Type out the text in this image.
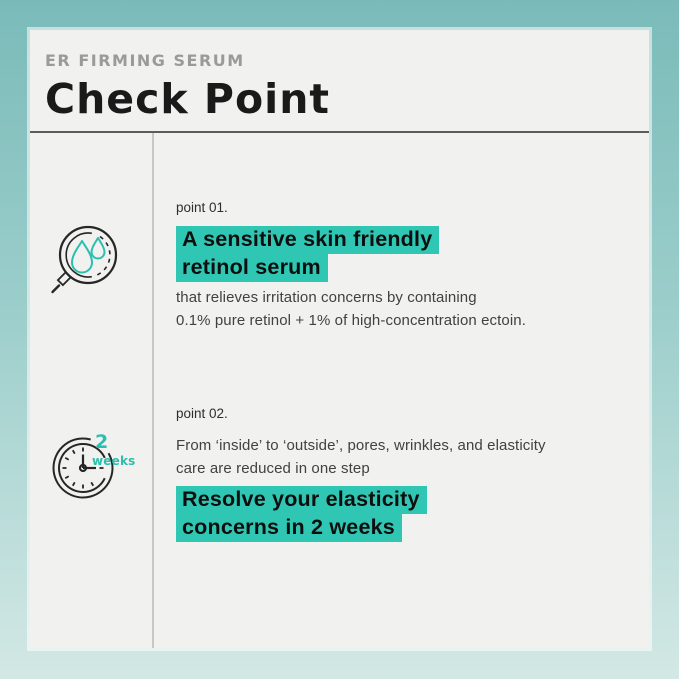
ER FIRMING SERUM
Check Point
point 01.
A sensitive skin friendly
retinol serum
that relieves irritation concerns by containing
0.1% pure retinol + 1% of high-concentration ectoin.
2
weeks
point 02.
From ‘inside’ to ‘outside’, pores, wrinkles, and elasticity
care are reduced in one step
Resolve your elasticity
concerns in 2 weeks
